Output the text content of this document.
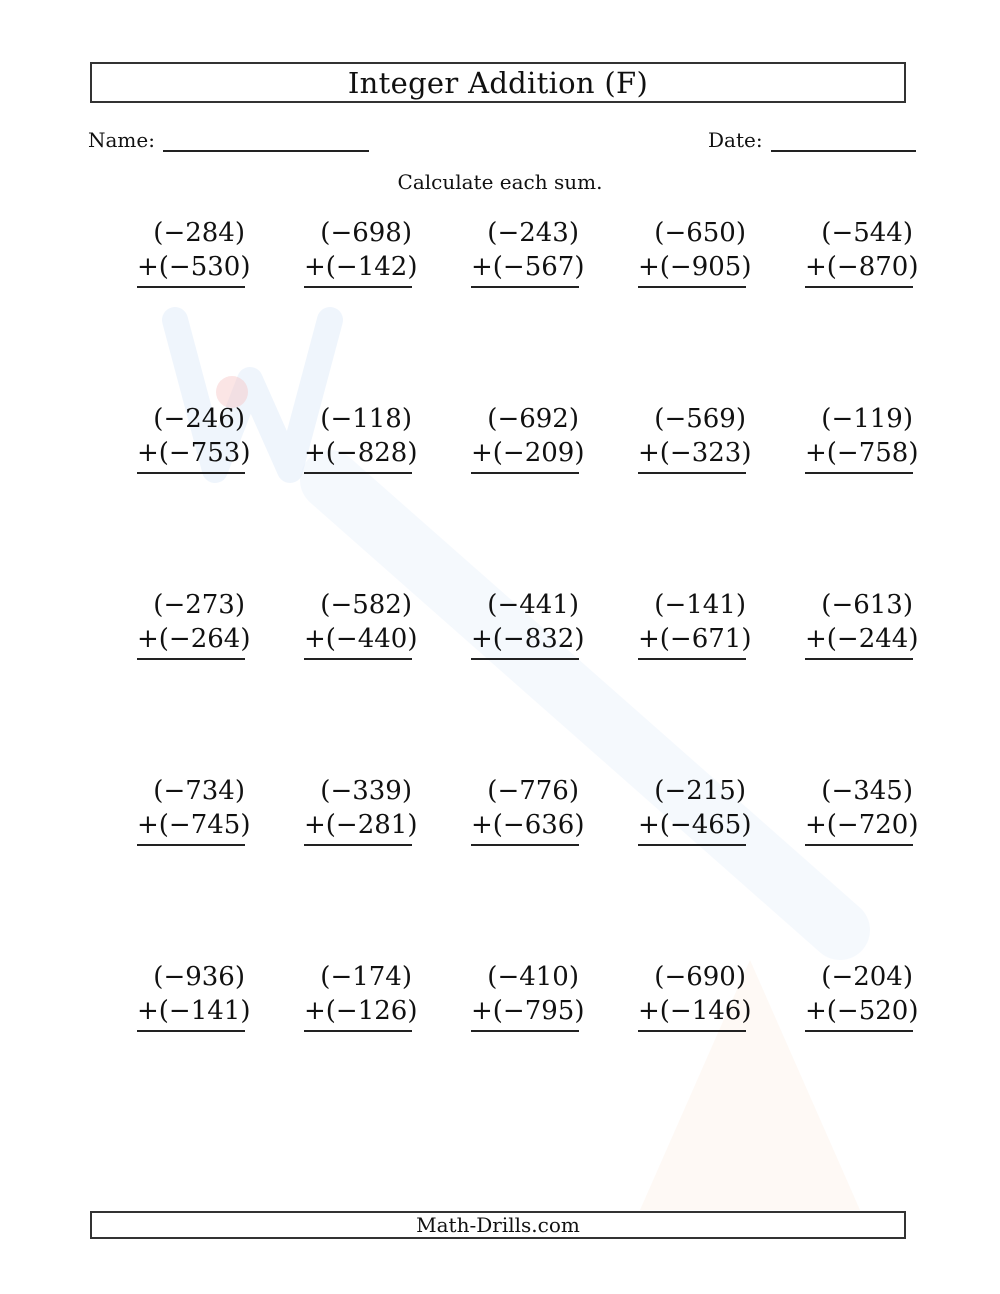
Integer Addition (F)
Name:	Date:
Calculate each sum.
(−284)
+(−530)
(−698)
+(−142)
(−243)
+(−567)
(−650)
+(−905)
(−544)
+(−870)
(−246)
+(−753)
(−118)
+(−828)
(−692)
+(−209)
(−569)
+(−323)
(−119)
+(−758)
(−273)
+(−264)
(−582)
+(−440)
(−441)
+(−832)
(−141)
+(−671)
(−613)
+(−244)
(−734)
+(−745)
(−339)
+(−281)
(−776)
+(−636)
(−215)
+(−465)
(−345)
+(−720)
(−936)
+(−141)
(−174)
+(−126)
(−410)
+(−795)
(−690)
+(−146)
(−204)
+(−520)
Math-Drills.com
